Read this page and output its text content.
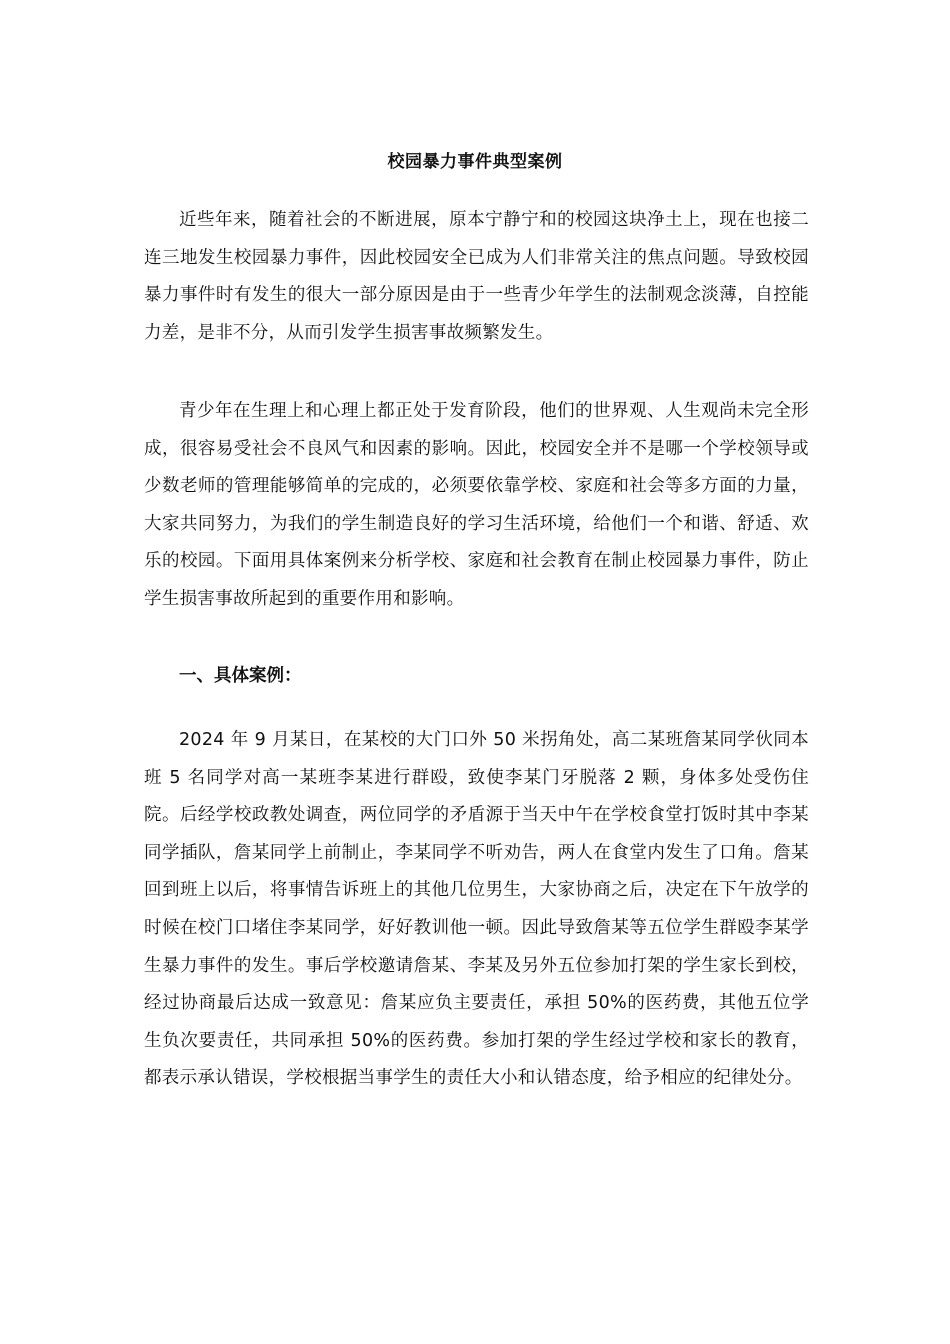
校园暴力事件典型案例

近些年来，随着社会的不断进展，原本宁静宁和的校园这块净土上，现在也接二连三地发生校园暴力事件，因此校园安全已成为人们非常关注的焦点问题。导致校园暴力事件时有发生的很大一部分原因是由于一些青少年学生的法制观念淡薄，自控能力差，是非不分，从而引发学生损害事故频繁发生。

青少年在生理上和心理上都正处于发育阶段，他们的世界观、人生观尚未完全形成，很容易受社会不良风气和因素的影响。因此，校园安全并不是哪一个学校领导或少数老师的管理能够简单的完成的，必须要依靠学校、家庭和社会等多方面的力量，大家共同努力，为我们的学生制造良好的学习生活环境，给他们一个和谐、舒适、欢乐的校园。下面用具体案例来分析学校、家庭和社会教育在制止校园暴力事件，防止学生损害事故所起到的重要作用和影响。

一、具体案例：

2024 年 9 月某日，在某校的大门口外 50 米拐角处，高二某班詹某同学伙同本班 5 名同学对高一某班李某进行群殴，致使李某门牙脱落 2 颗，身体多处受伤住院。后经学校政教处调查，两位同学的矛盾源于当天中午在学校食堂打饭时其中李某同学插队，詹某同学上前制止，李某同学不听劝告，两人在食堂内发生了口角。詹某回到班上以后，将事情告诉班上的其他几位男生，大家协商之后，决定在下午放学的时候在校门口堵住李某同学，好好教训他一顿。因此导致詹某等五位学生群殴李某学生暴力事件的发生。事后学校邀请詹某、李某及另外五位参加打架的学生家长到校，经过协商最后达成一致意见：詹某应负主要责任，承担 50%的医药费，其他五位学生负次要责任，共同承担 50%的医药费。参加打架的学生经过学校和家长的教育，都表示承认错误，学校根据当事学生的责任大小和认错态度，给予相应的纪律处分。
